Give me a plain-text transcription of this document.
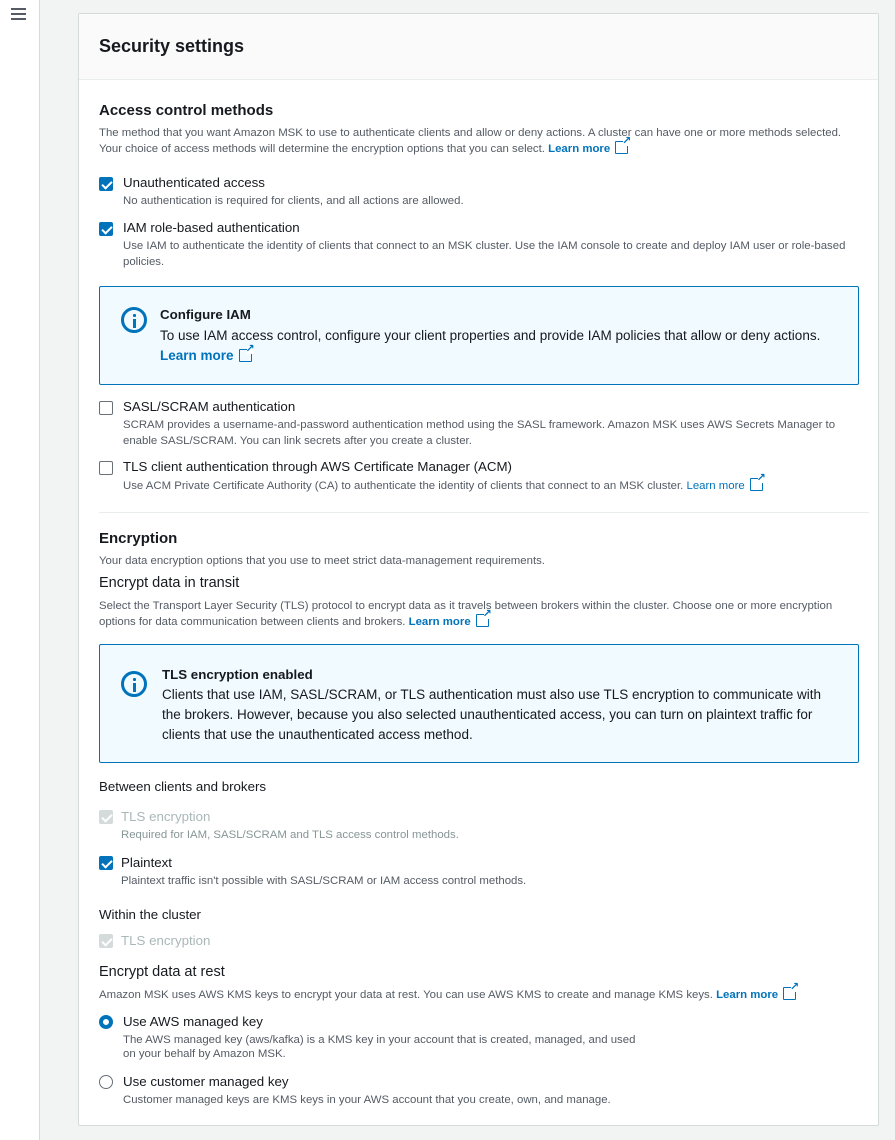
Security settings
Access control methods
The method that you want Amazon MSK to use to authenticate clients and allow or deny actions. A cluster can have one or more methods selected. Your choice of access methods will determine the encryption options that you can select. Learn more↗
Unauthenticated access
No authentication is required for clients, and all actions are allowed.
IAM role-based authentication
Use IAM to authenticate the identity of clients that connect to an MSK cluster. Use the IAM console to create and deploy IAM user or role-based policies.
Configure IAM
To use IAM access control, configure your client properties and provide IAM policies that allow or deny actions. Learn more↗
SASL/SCRAM authentication
SCRAM provides a username-and-password authentication method using the SASL framework. Amazon MSK uses AWS Secrets Manager to enable SASL/SCRAM. You can link secrets after you create a cluster.
TLS client authentication through AWS Certificate Manager (ACM)
Use ACM Private Certificate Authority (CA) to authenticate the identity of clients that connect to an MSK cluster. Learn more↗
Encryption
Your data encryption options that you use to meet strict data-management requirements.
Encrypt data in transit
Select the Transport Layer Security (TLS) protocol to encrypt data as it travels between brokers within the cluster. Choose one or more encryption options for data communication between clients and brokers. Learn more↗
TLS encryption enabled
Clients that use IAM, SASL/SCRAM, or TLS authentication must also use TLS encryption to communicate with the brokers. However, because you also selected unauthenticated access, you can turn on plaintext traffic for clients that use the unauthenticated access method.
Between clients and brokers
TLS encryption
Required for IAM, SASL/SCRAM and TLS access control methods.
Plaintext
Plaintext traffic isn't possible with SASL/SCRAM or IAM access control methods.
Within the cluster
TLS encryption
Encrypt data at rest
Amazon MSK uses AWS KMS keys to encrypt your data at rest. You can use AWS KMS to create and manage KMS keys. Learn more↗
Use AWS managed key
The AWS managed key (aws/kafka) is a KMS key in your account that is created, managed, and used
on your behalf by Amazon MSK.
Use customer managed key
Customer managed keys are KMS keys in your AWS account that you create, own, and manage.
